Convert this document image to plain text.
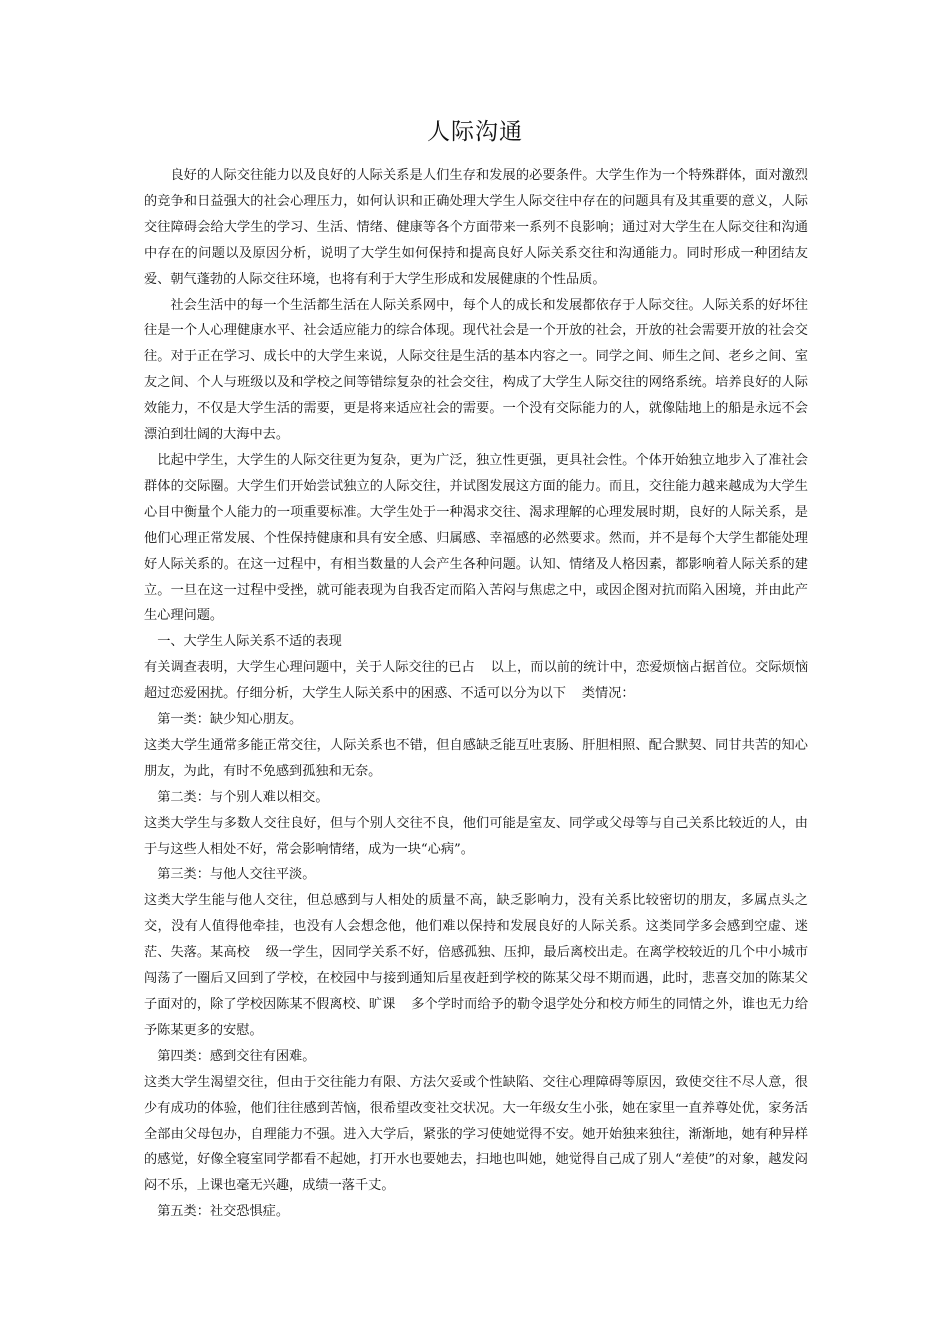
人际沟通

良好的人际交往能力以及良好的人际关系是人们生存和发展的必要条件。大学生作为一个特殊群体，面对激烈的竞争和日益强大的社会心理压力，如何认识和正确处理大学生人际交往中存在的问题具有及其重要的意义，人际交往障碍会给大学生的学习、生活、情绪、健康等各个方面带来一系列不良影响；通过对大学生在人际交往和沟通中存在的问题以及原因分析，说明了大学生如何保持和提高良好人际关系交往和沟通能力。同时形成一种团结友爱、朝气蓬勃的人际交往环境，也将有利于大学生形成和发展健康的个性品质。

社会生活中的每一个生活都生活在人际关系网中，每个人的成长和发展都依存于人际交往。人际关系的好坏往往是一个人心理健康水平、社会适应能力的综合体现。现代社会是一个开放的社会，开放的社会需要开放的社会交往。对于正在学习、成长中的大学生来说，人际交往是生活的基本内容之一。同学之间、师生之间、老乡之间、室友之间、个人与班级以及和学校之间等错综复杂的社会交往，构成了大学生人际交往的网络系统。培养良好的人际效能力，不仅是大学生活的需要，更是将来适应社会的需要。一个没有交际能力的人，就像陆地上的船是永远不会漂泊到壮阔的大海中去。

比起中学生，大学生的人际交往更为复杂，更为广泛，独立性更强，更具社会性。个体开始独立地步入了准社会群体的交际圈。大学生们开始尝试独立的人际交往，并试图发展这方面的能力。而且，交往能力越来越成为大学生心目中衡量个人能力的一项重要标准。大学生处于一种渴求交往、渴求理解的心理发展时期，良好的人际关系，是他们心理正常发展、个性保持健康和具有安全感、归属感、幸福感的必然要求。然而，并不是每个大学生都能处理好人际关系的。在这一过程中，有相当数量的人会产生各种问题。认知、情绪及人格因素，都影响着人际关系的建立。一旦在这一过程中受挫，就可能表现为自我否定而陷入苦闷与焦虑之中，或因企图对抗而陷入困境，并由此产生心理问题。

一、大学生人际关系不适的表现

有关调查表明，大学生心理问题中，关于人际交往的已占 以上，而以前的统计中，恋爱烦恼占据首位。交际烦恼超过恋爱困扰。仔细分析，大学生人际关系中的困惑、不适可以分为以下 类情况：

第一类：缺少知心朋友。

这类大学生通常多能正常交往，人际关系也不错，但自感缺乏能互吐衷肠、肝胆相照、配合默契、同甘共苦的知心朋友，为此，有时不免感到孤独和无奈。

第二类：与个别人难以相交。

这类大学生与多数人交往良好，但与个别人交往不良，他们可能是室友、同学或父母等与自己关系比较近的人，由于与这些人相处不好，常会影响情绪，成为一块“心病”。

第三类：与他人交往平淡。

这类大学生能与他人交往，但总感到与人相处的质量不高，缺乏影响力，没有关系比较密切的朋友，多属点头之交，没有人值得他牵挂，也没有人会想念他，他们难以保持和发展良好的人际关系。这类同学多会感到空虚、迷茫、失落。某高校 级一学生，因同学关系不好，倍感孤独、压抑，最后离校出走。在离学校较近的几个中小城市闯荡了一圈后又回到了学校，在校园中与接到通知后星夜赶到学校的陈某父母不期而遇，此时，悲喜交加的陈某父子面对的，除了学校因陈某不假离校、旷课 多个学时而给予的勒令退学处分和校方师生的同情之外，谁也无力给予陈某更多的安慰。

第四类：感到交往有困难。

这类大学生渴望交往，但由于交往能力有限、方法欠妥或个性缺陷、交往心理障碍等原因，致使交往不尽人意，很少有成功的体验，他们往往感到苦恼，很希望改变社交状况。大一年级女生小张，她在家里一直养尊处优，家务活全部由父母包办，自理能力不强。进入大学后，紧张的学习使她觉得不安。她开始独来独往，渐渐地，她有种异样的感觉，好像全寝室同学都看不起她，打开水也要她去，扫地也叫她，她觉得自己成了别人“差使”的对象，越发闷闷不乐，上课也毫无兴趣，成绩一落千丈。

第五类：社交恐惧症。
